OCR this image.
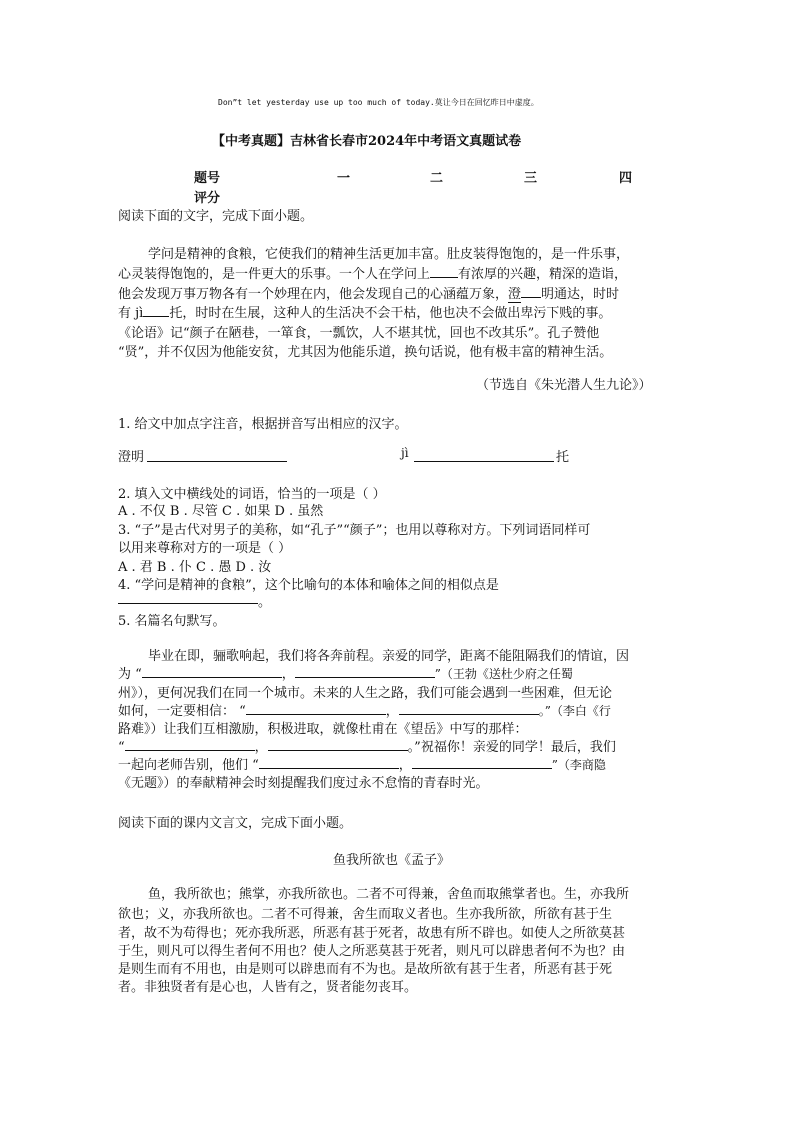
Don”t let yesterday use up too much of today.莫让今日在回忆昨日中虚度。
【中考真题】吉林省长春市2024年中考语文真题试卷
题号	一	二	三	四
评分
阅读下面的文字，完成下面小题。
学问是精神的食粮，它使我们的精神生活更加丰富。肚皮装得饱饱的，是一件乐事，
心灵装得饱饱的，是一件更大的乐事。一个人在学问上 有浓厚的兴趣，精深的造诣，
他会发现万事万物各有一个妙理在内，他会发现自己的心涵蕴万象，澄 明通达，时时
有 jì 托，时时在生展，这种人的生活决不会干枯，他也决不会做出卑污下贱的事。
《论语》记“颜子在陋巷，一箪食，一瓢饮，人不堪其忧，回也不改其乐”。孔子赞他
“贤”，并不仅因为他能安贫，尤其因为他能乐道，换句话说，他有极丰富的精神生活。
（节选自《朱光潜人生九论》）
1. 给文中加点字注音，根据拼音写出相应的汉字。
澄明	jì	托
2. 填入文中横线处的词语，恰当的一项是（ ）
A . 不仅 B . 尽管 C . 如果 D . 虽然
3. “子”是古代对男子的美称，如“孔子”“颜子”；也用以尊称对方。下列词语同样可
以用来尊称对方的一项是（ ）
A . 君 B . 仆 C . 愚 D . 汝
4. “学问是精神的食粮”，这个比喻句的本体和喻体之间的相似点是
。
5. 名篇名句默写。
毕业在即，骊歌响起，我们将各奔前程。亲爱的同学，距离不能阻隔我们的情谊，因
为 “	，	”（王勃《送杜少府之任蜀
州》），更何况我们在同一个城市。未来的人生之路，我们可能会遇到一些困难，但无论
如何，一定要相信： “	，	。”（李白《行
路难》）让我们互相激励，积极进取，就像杜甫在《望岳》中写的那样：
“	，	。”祝福你！亲爱的同学！最后，我们
一起向老师告别，他们 “	，	”（李商隐
《无题》）的奉献精神会时刻提醒我们度过永不怠惰的青春时光。
阅读下面的课内文言文，完成下面小题。
鱼我所欲也《孟子》
鱼，我所欲也；熊掌，亦我所欲也。二者不可得兼，舍鱼而取熊掌者也。生，亦我所
欲也；义，亦我所欲也。二者不可得兼，舍生而取义者也。生亦我所欲，所欲有甚于生
者，故不为苟得也；死亦我所恶，所恶有甚于死者，故患有所不辟也。如使人之所欲莫甚
于生，则凡可以得生者何不用也？使人之所恶莫甚于死者，则凡可以辟患者何不为也？由
是则生而有不用也，由是则可以辟患而有不为也。是故所欲有甚于生者，所恶有甚于死
者。非独贤者有是心也，人皆有之，贤者能勿丧耳。
